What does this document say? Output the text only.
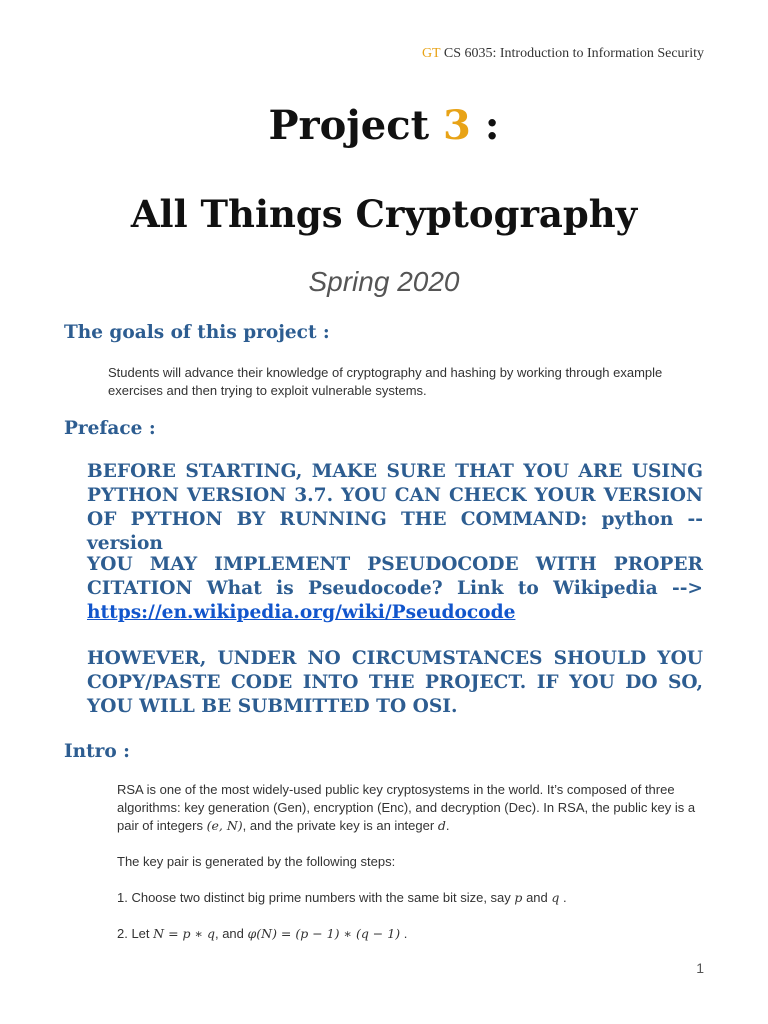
GT CS 6035: Introduction to Information Security
Project 3 :
All Things Cryptography
Spring 2020
The goals of this project :
Students will advance their knowledge of cryptography and hashing by working through example exercises and then trying to exploit vulnerable systems.
Preface :
BEFORE STARTING, MAKE SURE THAT YOU ARE USING PYTHON VERSION 3.7. YOU CAN CHECK YOUR VERSION OF PYTHON BY RUNNING THE COMMAND: python --version
YOU MAY IMPLEMENT PSEUDOCODE WITH PROPER CITATION What is Pseudocode? Link to Wikipedia --> https://en.wikipedia.org/wiki/Pseudocode
HOWEVER, UNDER NO CIRCUMSTANCES SHOULD YOU COPY/PASTE CODE INTO THE PROJECT. IF YOU DO SO, YOU WILL BE SUBMITTED TO OSI.
Intro :

RSA is one of the most widely-used public key cryptosystems in the world. It’s composed of three algorithms: key generation (Gen), encryption (Enc), and decryption (Dec). In RSA, the public key is a pair of integers (e, N), and the private key is an integer d.

The key pair is generated by the following steps:

1. Choose two distinct big prime numbers with the same bit size, say p and q .

2. Let N = p ∗ q, and φ(N) = (p − 1) ∗ (q − 1) .

1
